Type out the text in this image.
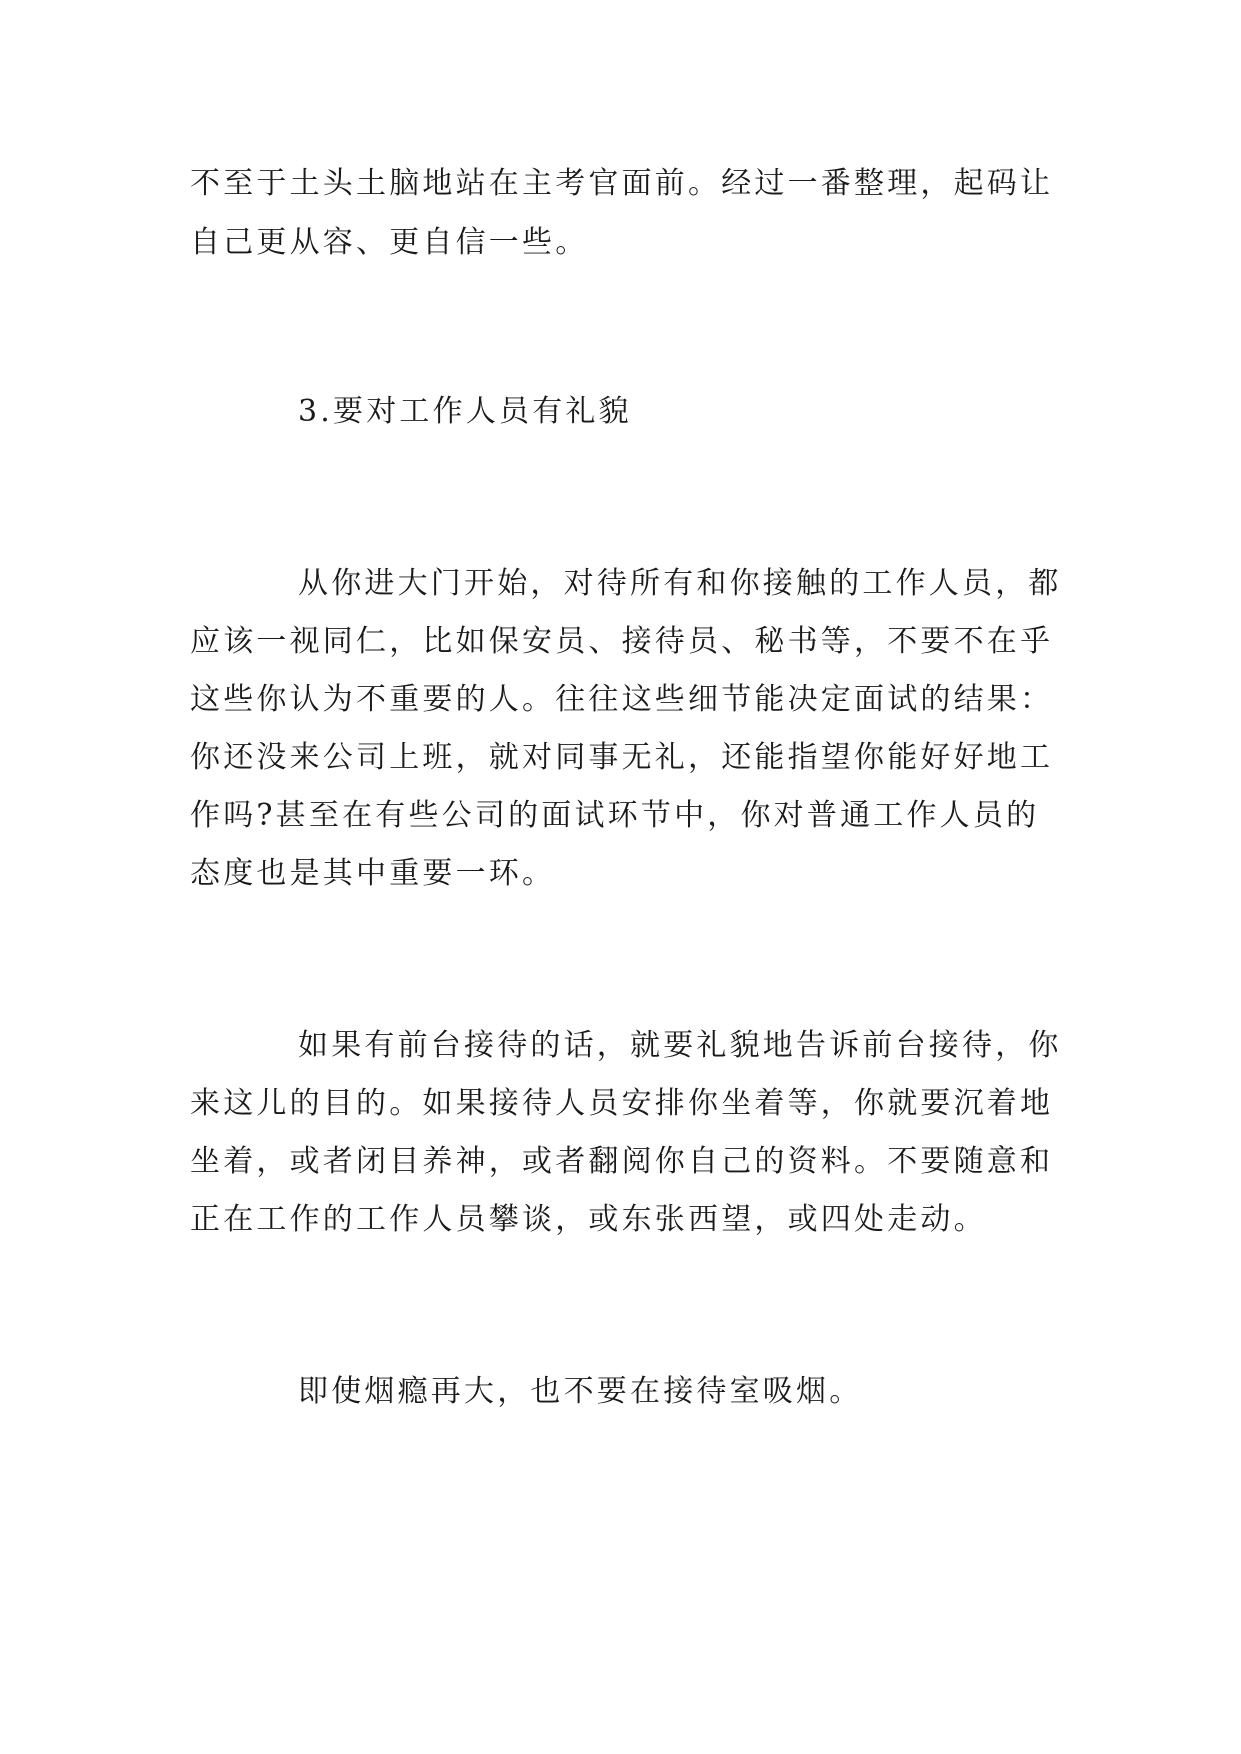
不至于土头土脑地站在主考官面前。经过一番整理，起码让
自己更从容、更自信一些。
3.要对工作人员有礼貌
从你进大门开始，对待所有和你接触的工作人员，都
应该一视同仁，比如保安员、接待员、秘书等，不要不在乎
这些你认为不重要的人。往往这些细节能决定面试的结果：
你还没来公司上班，就对同事无礼，还能指望你能好好地工
作吗?甚至在有些公司的面试环节中，你对普通工作人员的
态度也是其中重要一环。
如果有前台接待的话，就要礼貌地告诉前台接待，你
来这儿的目的。如果接待人员安排你坐着等，你就要沉着地
坐着，或者闭目养神，或者翻阅你自己的资料。不要随意和
正在工作的工作人员攀谈，或东张西望，或四处走动。
即使烟瘾再大，也不要在接待室吸烟。
